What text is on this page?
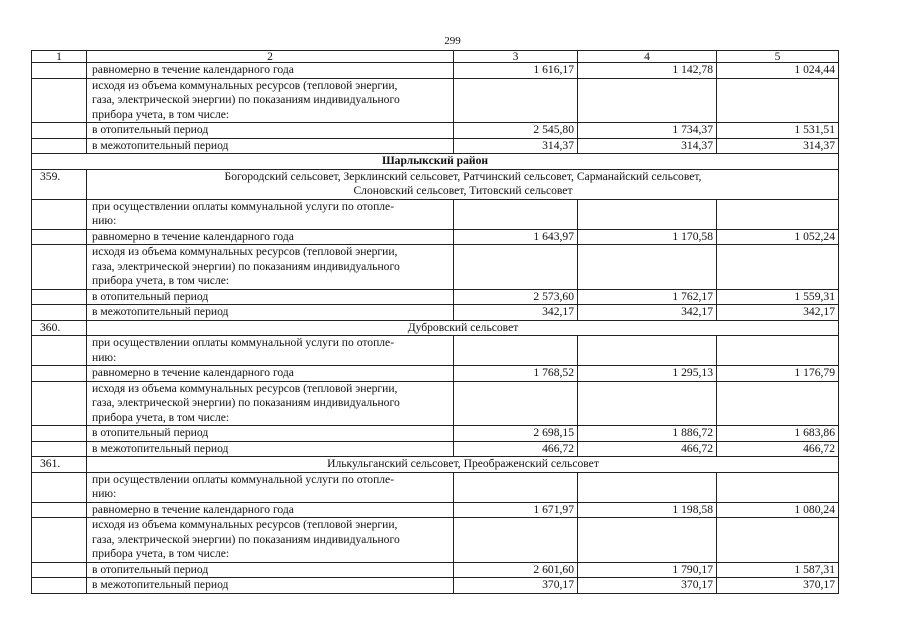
299
1	2	3	4	5
	равномерно в течение календарного года	1 616,17	1 142,78	1 024,44
	исходя из объема коммунальных ресурсов (тепловой энергии,
газа, электрической энергии) по показаниям индивидуального
прибора учета, в том числе:			
	в отопительный период	2 545,80	1 734,37	1 531,51
	в межотопительный период	314,37	314,37	314,37
Шарлыкский район				
359.	Богородский сельсовет, Зерклинский сельсовет, Ратчинский сельсовет, Сарманайский сельсовет,
Слоновский сельсовет, Титовский сельсовет			
	при осуществлении оплаты коммунальной услуги по отопле-
нию:			
	равномерно в течение календарного года	1 643,97	1 170,58	1 052,24
	исходя из объема коммунальных ресурсов (тепловой энергии,
газа, электрической энергии) по показаниям индивидуального
прибора учета, в том числе:			
	в отопительный период	2 573,60	1 762,17	1 559,31
	в межотопительный период	342,17	342,17	342,17
360.	Дубровский сельсовет			
	при осуществлении оплаты коммунальной услуги по отопле-
нию:			
	равномерно в течение календарного года	1 768,52	1 295,13	1 176,79
	исходя из объема коммунальных ресурсов (тепловой энергии,
газа, электрической энергии) по показаниям индивидуального
прибора учета, в том числе:			
	в отопительный период	2 698,15	1 886,72	1 683,86
	в межотопительный период	466,72	466,72	466,72
361.	Илькульганский сельсовет, Преображенский сельсовет			
	при осуществлении оплаты коммунальной услуги по отопле-
нию:			
	равномерно в течение календарного года	1 671,97	1 198,58	1 080,24
	исходя из объема коммунальных ресурсов (тепловой энергии,
газа, электрической энергии) по показаниям индивидуального
прибора учета, в том числе:			
	в отопительный период	2 601,60	1 790,17	1 587,31
	в межотопительный период	370,17	370,17	370,17
